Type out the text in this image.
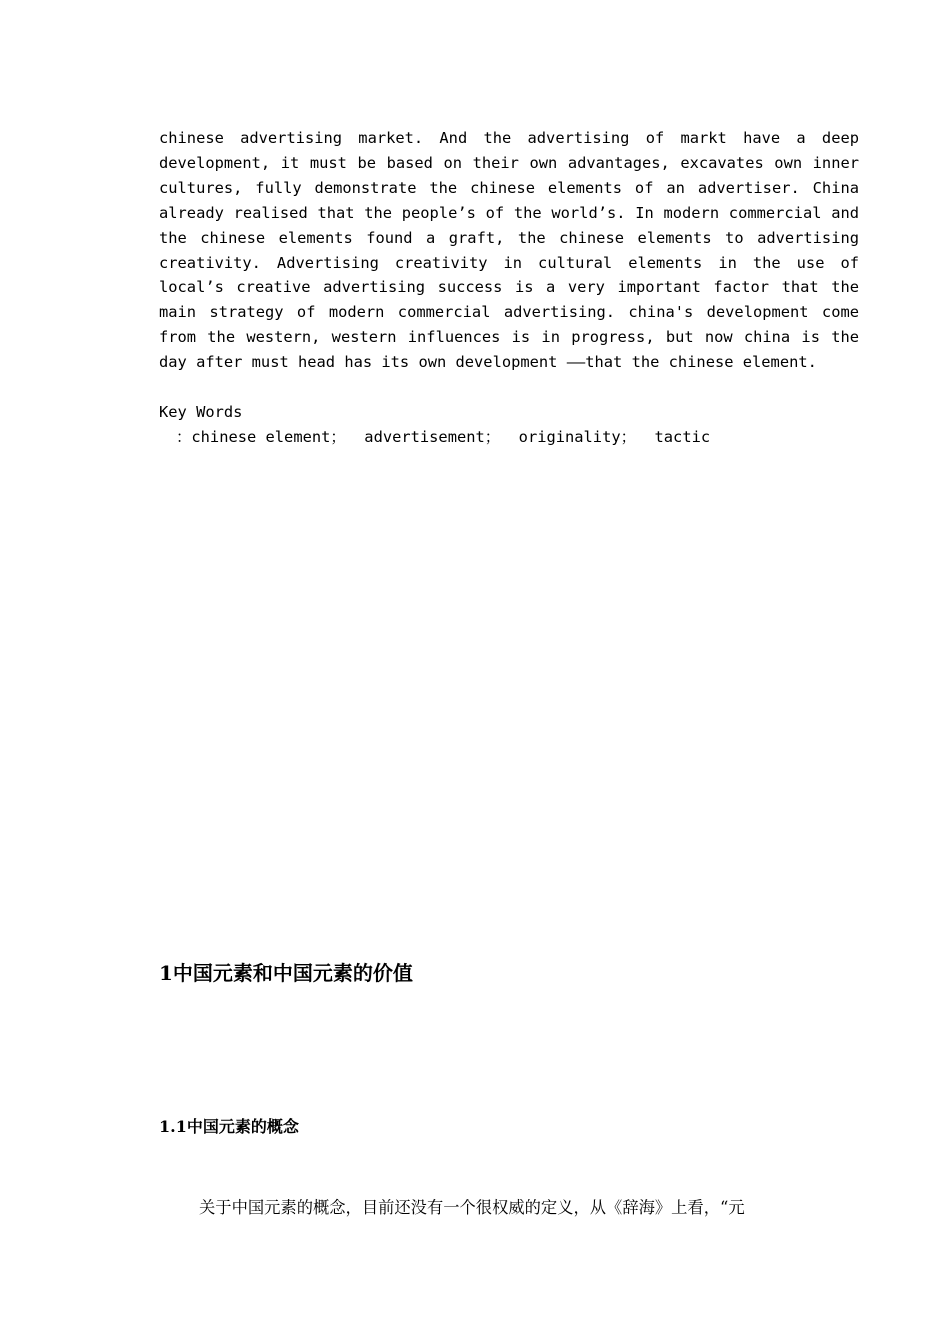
chinese advertising market. And the advertising of markt have a deep development, it must be based on their own advantages, excavates own inner cultures, fully demonstrate the chinese elements of an advertiser. China already realised that the people’s of the world’s. In modern commercial and the chinese elements found a graft, the chinese elements to advertising creativity. Advertising creativity in cultural elements in the use of local’s creative advertising success is a very important factor that the main strategy of modern commercial advertising. china's development come from the western, western influences is in progress, but now china is the day after must head has its own development ——that the chinese element.

Key Words

：chinese element；  advertisement；  originality；  tactic

1中国元素和中国元素的价值
1.1中国元素的概念

关于中国元素的概念，目前还没有一个很权威的定义，从《辞海》上看，“元
